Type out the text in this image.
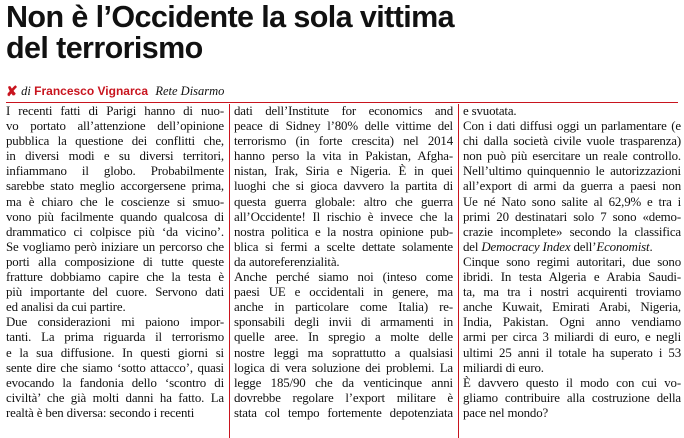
Non è l’Occidente la sola vittima
del terrorismo
✘ di Francesco Vignarca Rete Disarmo
I recenti fatti di Parigi hanno di nuo-
vo portato all’attenzione dell’opinione
pubblica la questione dei conflitti che,
in diversi modi e su diversi territori,
infiammano il globo. Probabilmente
sarebbe stato meglio accorgersene prima,
ma è chiaro che le coscienze si smuo-
vono più facilmente quando qualcosa di
drammatico ci colpisce più ‘da vicino’.
Se vogliamo però iniziare un percorso che
porti alla composizione di tutte queste
fratture dobbiamo capire che la testa è
più importante del cuore. Servono dati
ed analisi da cui partire.
Due considerazioni mi paiono impor-
tanti. La prima riguarda il terrorismo
e la sua diffusione. In questi giorni si
sente dire che siamo ‘sotto attacco’, quasi
evocando la fandonia dello ‘scontro di
civiltà’ che già molti danni ha fatto. La
realtà è ben diversa: secondo i recenti
dati dell’Institute for economics and
peace di Sidney l’80% delle vittime del
terrorismo (in forte crescita) nel 2014
hanno perso la vita in Pakistan, Afgha-
nistan, Irak, Siria e Nigeria. È in quei
luoghi che si gioca davvero la partita di
questa guerra globale: altro che guerra
all’Occidente! Il rischio è invece che la
nostra politica e la nostra opinione pub-
blica si fermi a scelte dettate solamente
da autoreferenzialità.
Anche perché siamo noi (inteso come
paesi UE e occidentali in genere, ma
anche in particolare come Italia) re-
sponsabili degli invii di armamenti in
quelle aree. In spregio a molte delle
nostre leggi ma soprattutto a qualsiasi
logica di vera soluzione dei problemi. La
legge 185/90 che da venticinque anni
dovrebbe regolare l’export militare è
stata col tempo fortemente depotenziata
e svuotata.
Con i dati diffusi oggi un parlamentare (e
chi dalla società civile vuole trasparenza)
non può più esercitare un reale controllo.
Nell’ultimo quinquennio le autorizzazioni
all’export di armi da guerra a paesi non
Ue né Nato sono salite al 62,9% e tra i
primi 20 destinatari solo 7 sono «demo-
crazie incomplete» secondo la classifica
del Democracy Index dell’Economist.
Cinque sono regimi autoritari, due sono
ibridi. In testa Algeria e Arabia Saudi-
ta, ma tra i nostri acquirenti troviamo
anche Kuwait, Emirati Arabi, Nigeria,
India, Pakistan. Ogni anno vendiamo
armi per circa 3 miliardi di euro, e negli
ultimi 25 anni il totale ha superato i 53
miliardi di euro.
È davvero questo il modo con cui vo-
gliamo contribuire alla costruzione della
pace nel mondo?
